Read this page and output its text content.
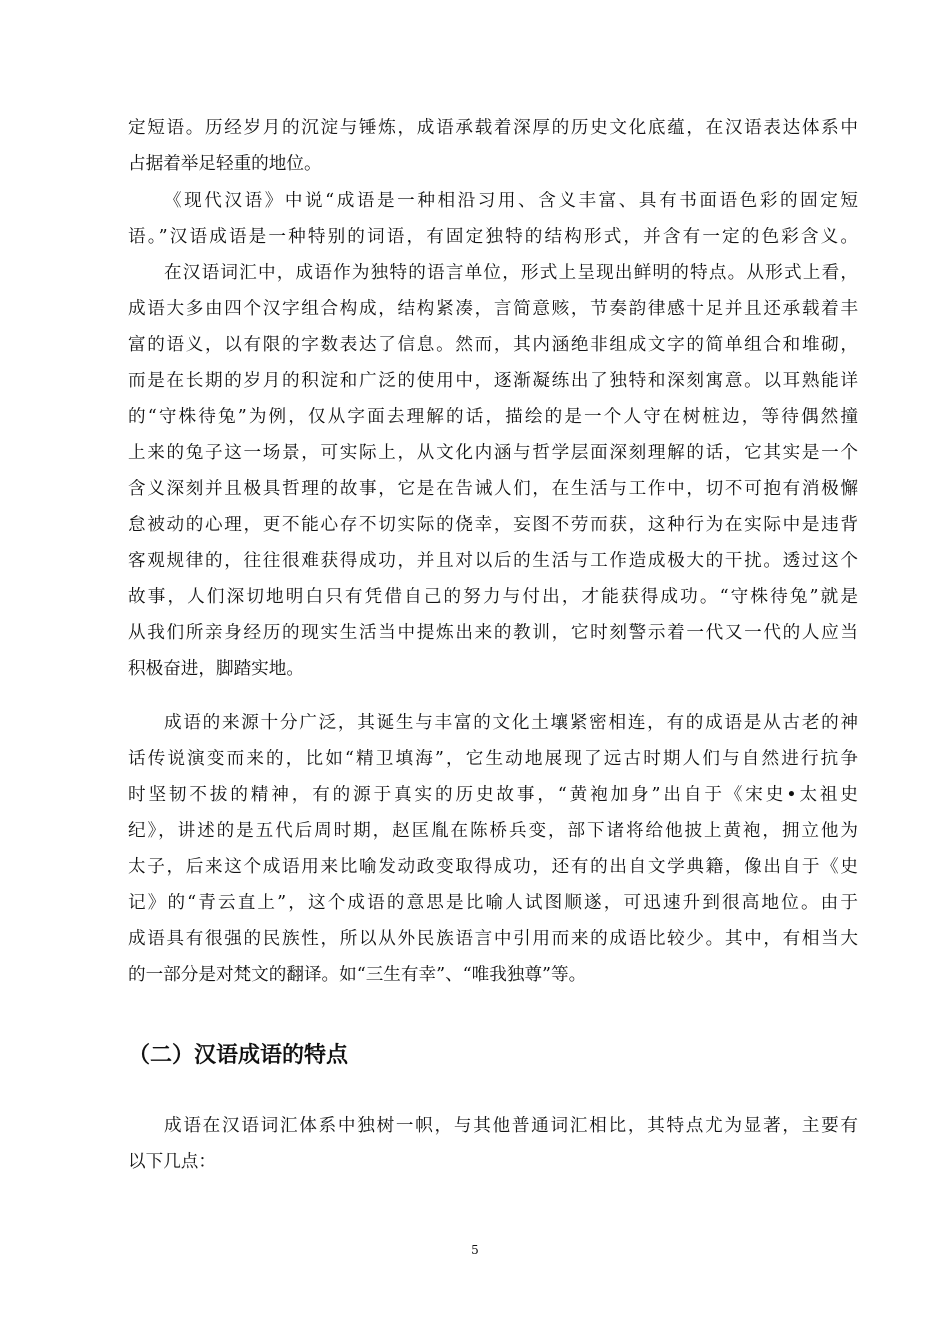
定短语。历经岁月的沉淀与锤炼，成语承载着深厚的历史文化底蕴，在汉语表达体系中
占据着举足轻重的地位。
《现代汉语》中说“成语是一种相沿习用、含义丰富、具有书面语色彩的固定短
语。”汉语成语是一种特别的词语，有固定独特的结构形式，并含有一定的色彩含义。
在汉语词汇中，成语作为独特的语言单位，形式上呈现出鲜明的特点。从形式上看，
成语大多由四个汉字组合构成，结构紧凑，言简意赅，节奏韵律感十足并且还承载着丰
富的语义，以有限的字数表达了信息。然而，其内涵绝非组成文字的简单组合和堆砌，
而是在长期的岁月的积淀和广泛的使用中，逐渐凝练出了独特和深刻寓意。以耳熟能详
的“守株待兔”为例，仅从字面去理解的话，描绘的是一个人守在树桩边，等待偶然撞
上来的兔子这一场景，可实际上，从文化内涵与哲学层面深刻理解的话，它其实是一个
含义深刻并且极具哲理的故事，它是在告诫人们，在生活与工作中，切不可抱有消极懈
怠被动的心理，更不能心存不切实际的侥幸，妄图不劳而获，这种行为在实际中是违背
客观规律的，往往很难获得成功，并且对以后的生活与工作造成极大的干扰。透过这个
故事，人们深切地明白只有凭借自己的努力与付出，才能获得成功。“守株待兔”就是
从我们所亲身经历的现实生活当中提炼出来的教训，它时刻警示着一代又一代的人应当
积极奋进，脚踏实地。
成语的来源十分广泛，其诞生与丰富的文化土壤紧密相连，有的成语是从古老的神
话传说演变而来的，比如“精卫填海”，它生动地展现了远古时期人们与自然进行抗争
时坚韧不拔的精神，有的源于真实的历史故事，“黄袍加身”出自于《宋史•太祖史
纪》，讲述的是五代后周时期，赵匡胤在陈桥兵变，部下诸将给他披上黄袍，拥立他为
太子，后来这个成语用来比喻发动政变取得成功，还有的出自文学典籍，像出自于《史
记》的“青云直上”，这个成语的意思是比喻人试图顺遂，可迅速升到很高地位。由于
成语具有很强的民族性，所以从外民族语言中引用而来的成语比较少。其中，有相当大
的一部分是对梵文的翻译。如“三生有幸”、“唯我独尊”等。
（二）汉语成语的特点
成语在汉语词汇体系中独树一帜，与其他普通词汇相比，其特点尤为显著，主要有
以下几点：
5
